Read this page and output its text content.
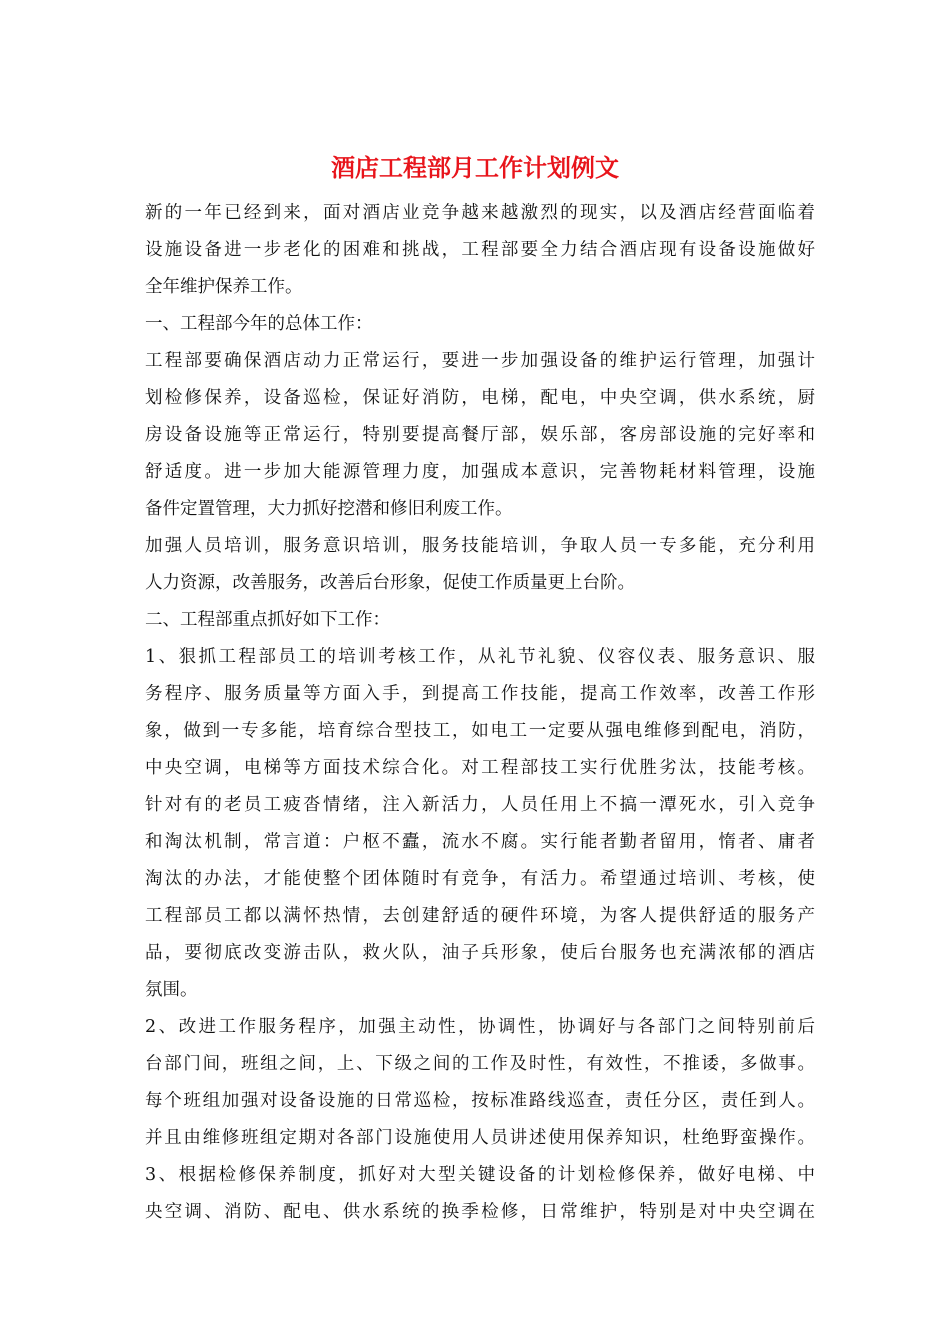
酒店工程部月工作计划例文
新的一年已经到来，面对酒店业竞争越来越激烈的现实，以及酒店经营面临着
设施设备进一步老化的困难和挑战，工程部要全力结合酒店现有设备设施做好
全年维护保养工作。
一、工程部今年的总体工作：
工程部要确保酒店动力正常运行，要进一步加强设备的维护运行管理，加强计
划检修保养，设备巡检，保证好消防，电梯，配电，中央空调，供水系统，厨
房设备设施等正常运行，特别要提高餐厅部，娱乐部，客房部设施的完好率和
舒适度。进一步加大能源管理力度，加强成本意识，完善物耗材料管理，设施
备件定置管理，大力抓好挖潜和修旧利废工作。
加强人员培训，服务意识培训，服务技能培训，争取人员一专多能，充分利用
人力资源，改善服务，改善后台形象，促使工作质量更上台阶。
二、工程部重点抓好如下工作：
1、狠抓工程部员工的培训考核工作，从礼节礼貌、仪容仪表、服务意识、服
务程序、服务质量等方面入手，到提高工作技能，提高工作效率，改善工作形
象，做到一专多能，培育综合型技工，如电工一定要从强电维修到配电，消防，
中央空调，电梯等方面技术综合化。对工程部技工实行优胜劣汰，技能考核。
针对有的老员工疲沓情绪，注入新活力，人员任用上不搞一潭死水，引入竞争
和淘汰机制，常言道：户枢不蠹，流水不腐。实行能者勤者留用，惰者、庸者
淘汰的办法，才能使整个团体随时有竞争，有活力。希望通过培训、考核，使
工程部员工都以满怀热情，去创建舒适的硬件环境，为客人提供舒适的服务产
品，要彻底改变游击队，救火队，油子兵形象，使后台服务也充满浓郁的酒店
氛围。
2、改进工作服务程序，加强主动性，协调性，协调好与各部门之间特别前后
台部门间，班组之间，上、下级之间的工作及时性，有效性，不推诿，多做事。
每个班组加强对设备设施的日常巡检，按标准路线巡查，责任分区，责任到人。
并且由维修班组定期对各部门设施使用人员讲述使用保养知识，杜绝野蛮操作。
3、根据检修保养制度，抓好对大型关键设备的计划检修保养，做好电梯、中
央空调、消防、配电、供水系统的换季检修，日常维护，特别是对中央空调在
